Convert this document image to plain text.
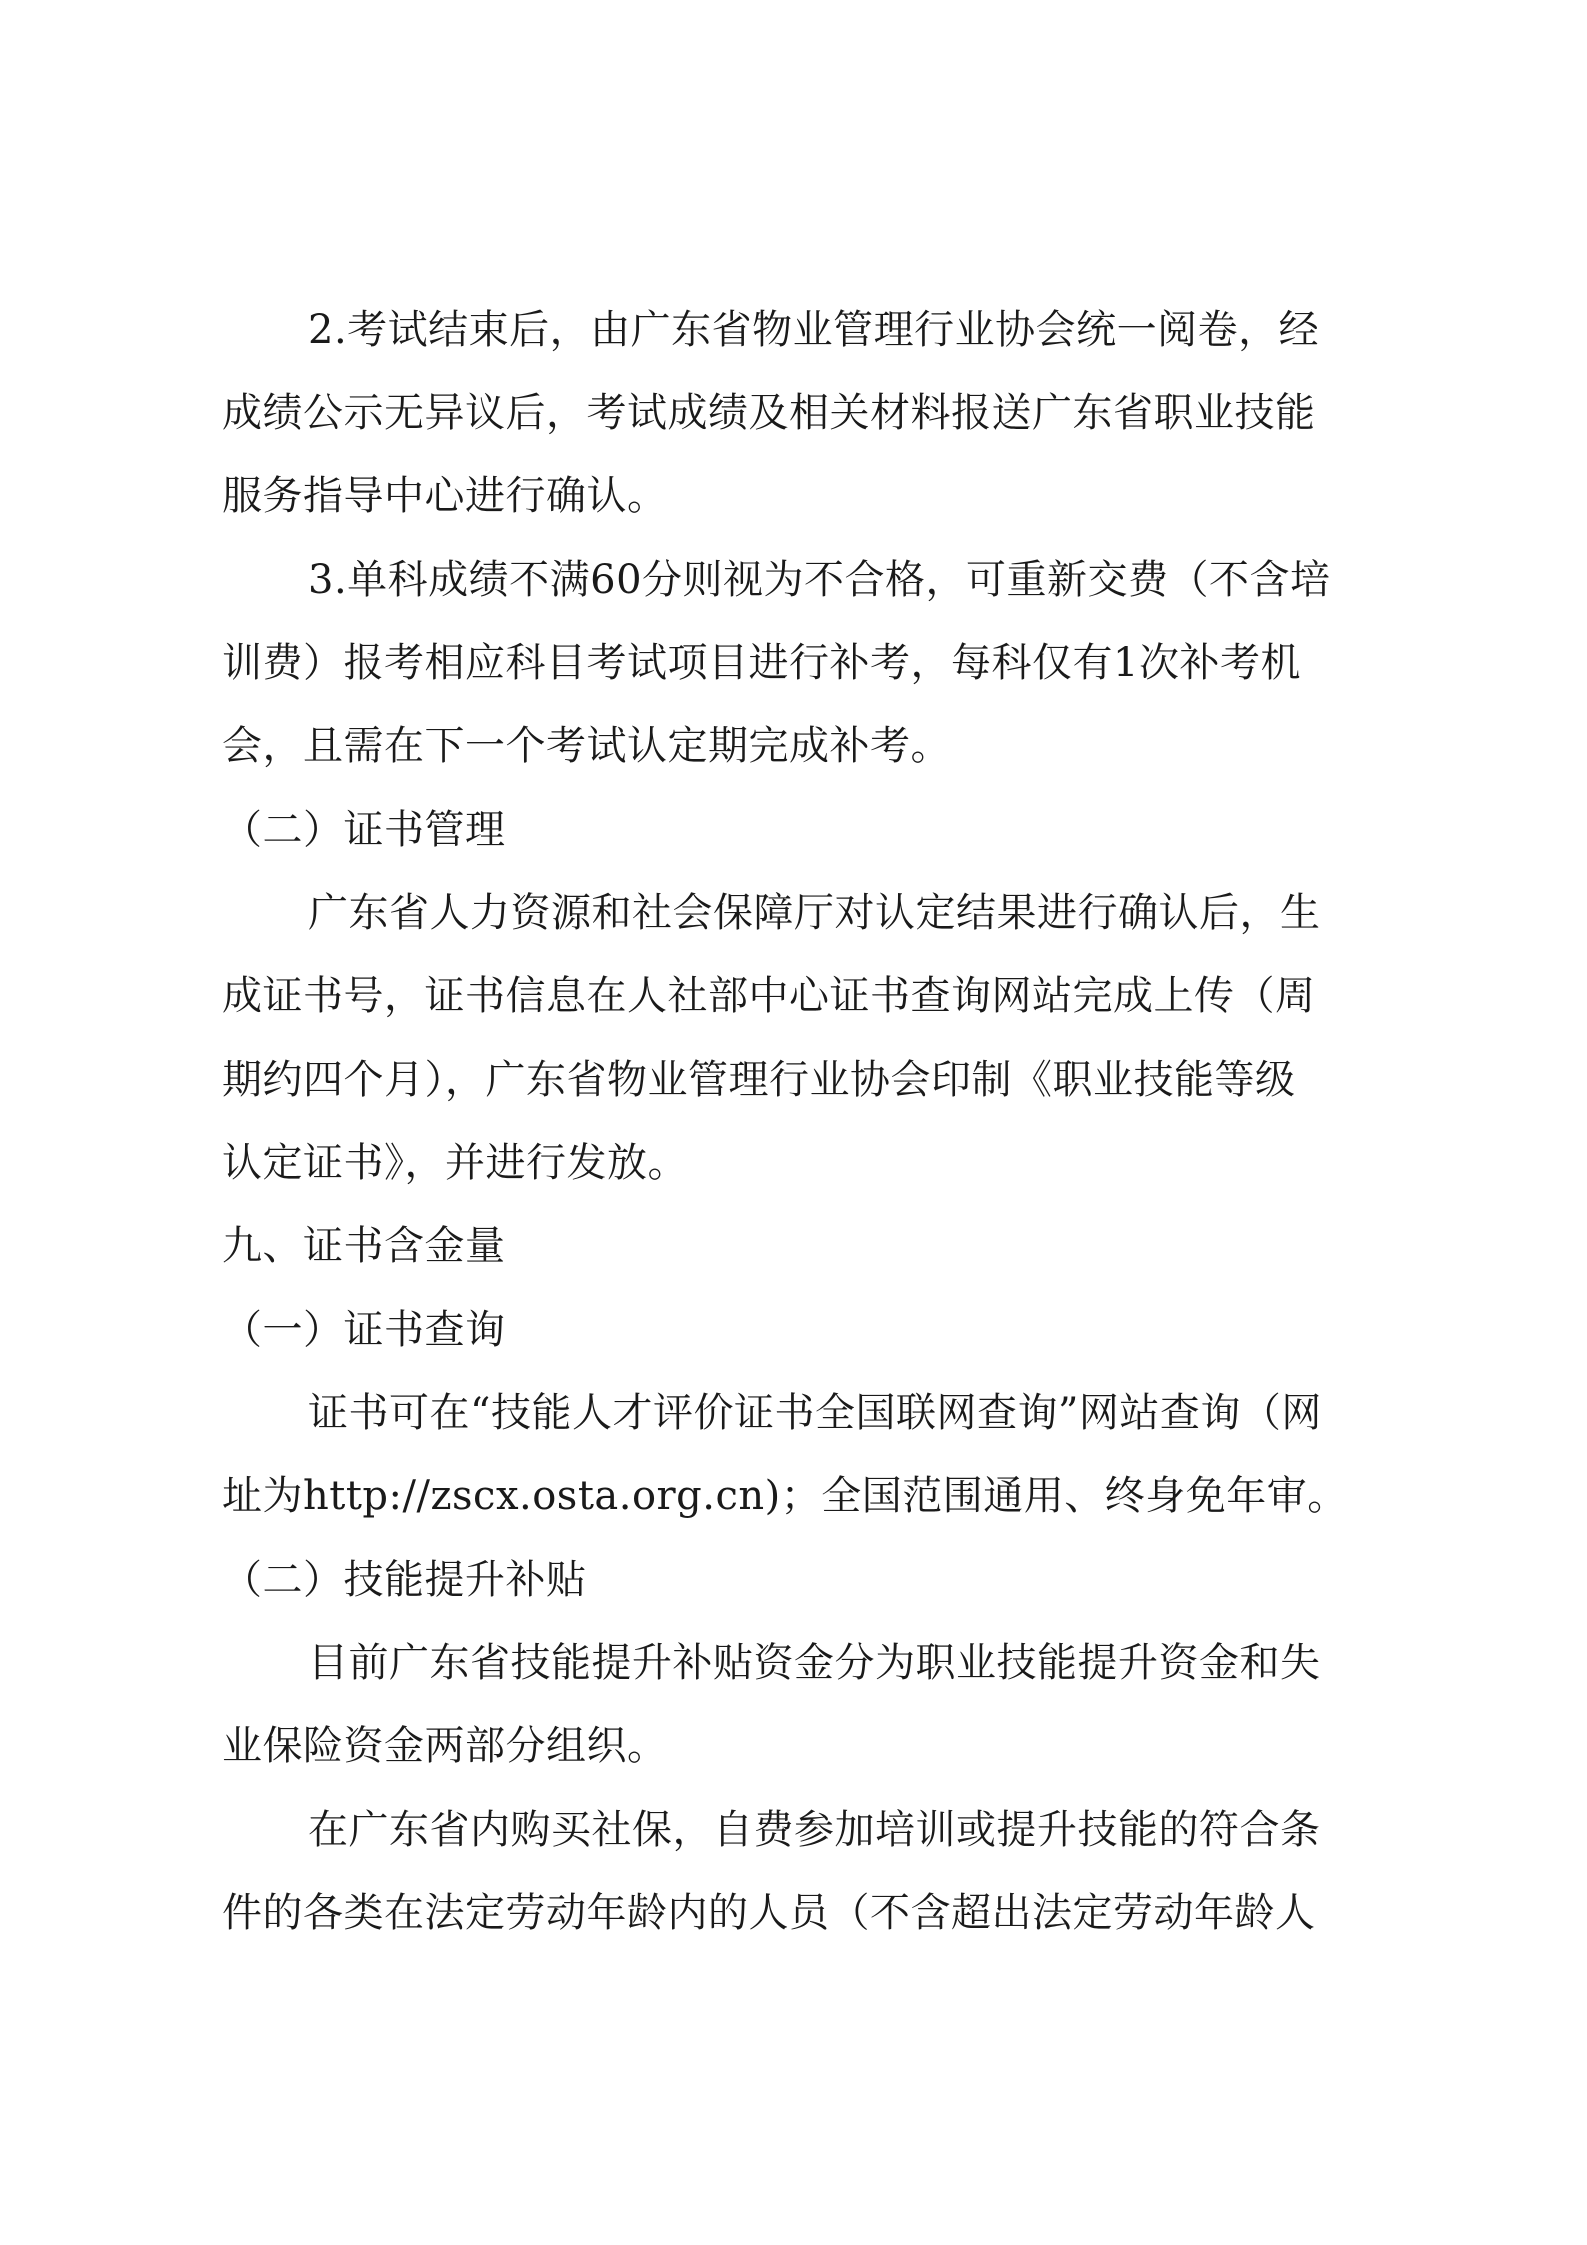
2.考试结束后，由广东省物业管理行业协会统一阅卷，经
成绩公示无异议后，考试成绩及相关材料报送广东省职业技能
服务指导中心进行确认。
3.单科成绩不满60分则视为不合格，可重新交费（不含培
训费）报考相应科目考试项目进行补考，每科仅有1次补考机
会，且需在下一个考试认定期完成补考。
（二）证书管理
广东省人力资源和社会保障厅对认定结果进行确认后，生
成证书号，证书信息在人社部中心证书查询网站完成上传（周
期约四个月），广东省物业管理行业协会印制《职业技能等级
认定证书》，并进行发放。
九、证书含金量
（一）证书查询
证书可在“技能人才评价证书全国联网查询”网站查询（网
址为http://zscx.osta.org.cn)；全国范围通用、终身免年审。
（二）技能提升补贴
目前广东省技能提升补贴资金分为职业技能提升资金和失
业保险资金两部分组织。
在广东省内购买社保，自费参加培训或提升技能的符合条
件的各类在法定劳动年龄内的人员（不含超出法定劳动年龄人
